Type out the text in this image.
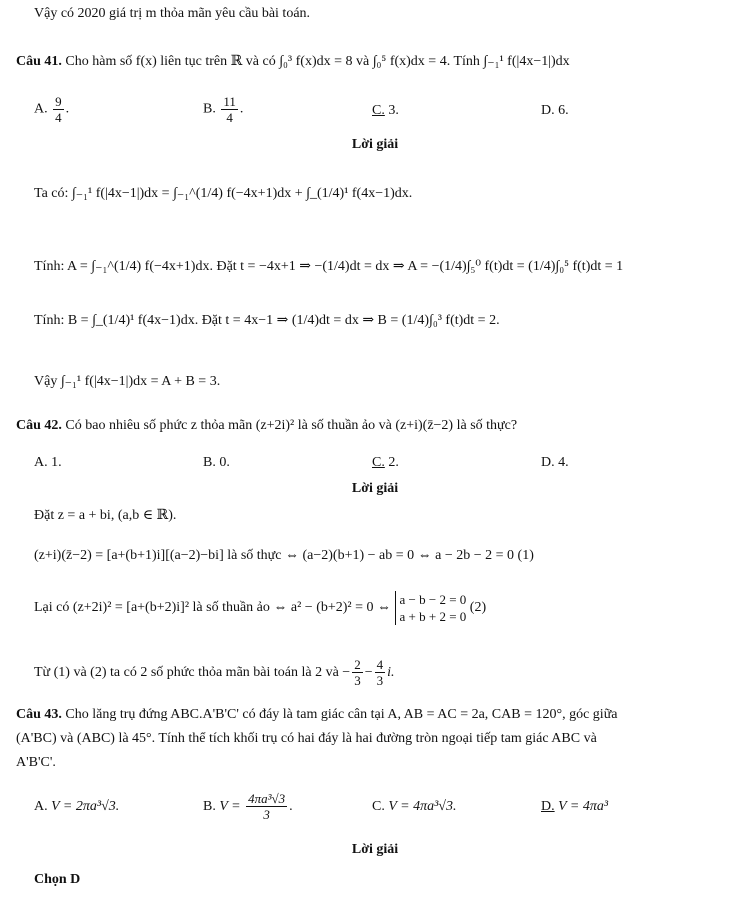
Vậy có 2020 giá trị m thỏa mãn yêu cầu bài toán.
Câu 41. Cho hàm số f(x) liên tục trên ℝ và có ∫₀³ f(x)dx = 8 và ∫₀⁵ f(x)dx = 4. Tính ∫₋₁¹ f(|4x−1|)dx
A. $\frac{9}{4}$ .	B. $\frac{11}{4}$ .	C. 3.	D. 6.
Lời giải
Ta có: ∫₋₁¹ f(|4x−1|)dx = ∫₋₁^(1/4) f(−4x+1)dx + ∫_(1/4)¹ f(4x−1)dx.
Tính: A = ∫₋₁^(1/4) f(−4x+1)dx. Đặt t = −4x+1 ⇒ −(1/4)dt = dx ⇒ A = −(1/4)∫₅⁰ f(t)dt = (1/4)∫₀⁵ f(t)dt = 1
Tính: B = ∫_(1/4)¹ f(4x−1)dx. Đặt t = 4x−1 ⇒ (1/4)dt = dx ⇒ B = (1/4)∫₀³ f(t)dt = 2.
Vậy ∫₋₁¹ f(|4x−1|)dx = A + B = 3.
Câu 42. Có bao nhiêu số phức z thỏa mãn (z+2i)² là số thuần ảo và (z+i)(z̄−2) là số thực?
A. 1.	B. 0.	C. 2.	D. 4.
Lời giải
Đặt z = a + bi, (a,b ∈ ℝ).
(z+i)(z̄−2) = [a+(b+1)i][(a−2)−bi] là số thực ⇔ (a−2)(b+1) − ab = 0 ⇔ a − 2b − 2 = 0 (1)
Lại có (z+2i)² = [a+(b+2)i]² là số thuần ảo ⇔ a² − (b+2)² = 0 ⇔
a − b − 2 = 0
a + b + 2 = 0
(2)
Từ (1) và (2) ta có 2 số phức thỏa mãn bài toán là 2 và − $\frac{2}{3} - \frac{4}{3} i$.
Câu 43. Cho lăng trụ đứng ABC.A'B'C' có đáy là tam giác cân tại A, AB = AC = 2a, CAB = 120°, góc giữa
(A'BC) và (ABC) là 45°. Tính thể tích khối trụ có hai đáy là hai đường tròn ngoại tiếp tam giác ABC và
A'B'C'.
A. V = 2πa³√3.	B. $V = \frac{\text{4πa³√3}}{3}$ .	C. V = 4πa³√3.	D. V = 4πa³
Lời giải
Chọn D
